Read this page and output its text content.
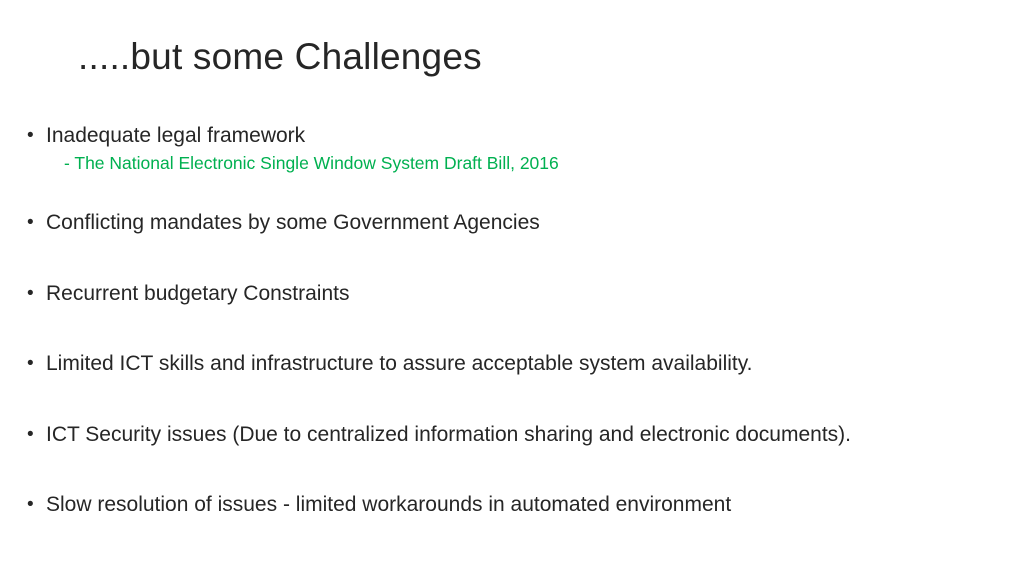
.....but some Challenges
• Inadequate legal framework
- The National Electronic Single Window System Draft Bill, 2016
• Conflicting mandates by some Government Agencies
• Recurrent budgetary Constraints
• Limited ICT skills and infrastructure to assure acceptable system availability.
• ICT Security issues (Due to centralized information sharing and electronic documents).
• Slow resolution of issues - limited workarounds in automated environment
